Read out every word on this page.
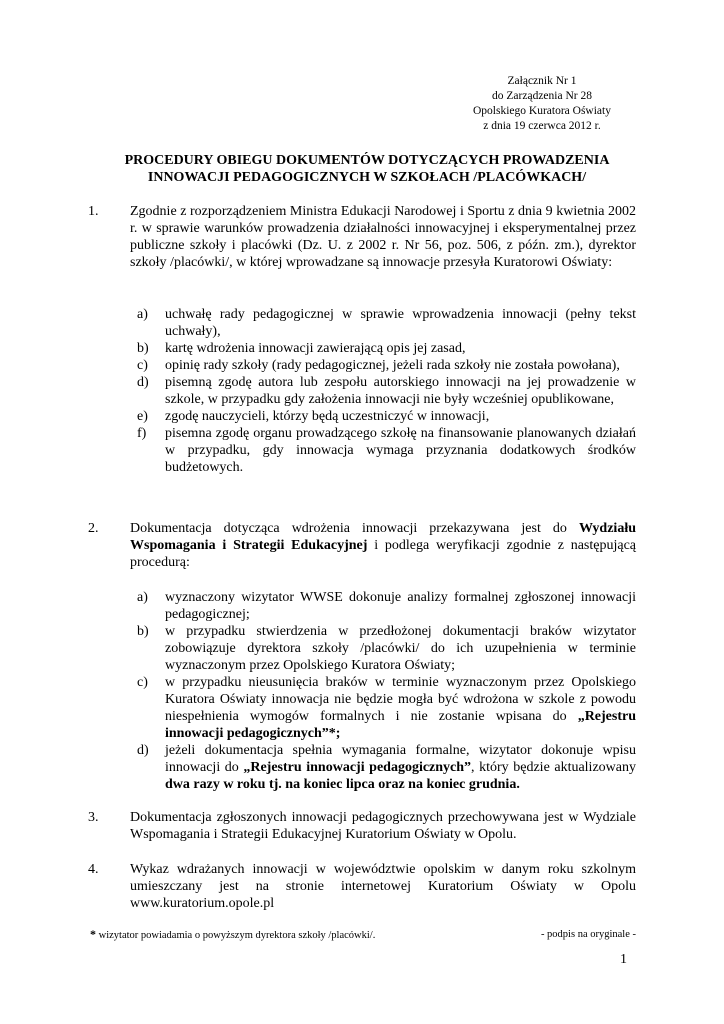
Załącznik Nr 1
do Zarządzenia Nr 28
Opolskiego Kuratora Oświaty
z dnia 19 czerwca 2012 r.
PROCEDURY OBIEGU DOKUMENTÓW DOTYCZĄCYCH PROWADZENIA
INNOWACJI PEDAGOGICZNYCH W SZKOŁACH /PLACÓWKACH/
1. Zgodnie z rozporządzeniem Ministra Edukacji Narodowej i Sportu z dnia 9 kwietnia 2002 r. w sprawie warunków prowadzenia działalności innowacyjnej i eksperymentalnej przez publiczne szkoły i placówki (Dz. U. z 2002 r. Nr 56, poz. 506, z późn. zm.), dyrektor szkoły /placówki/, w której wprowadzane są innowacje przesyła Kuratorowi Oświaty:
a) uchwałę rady pedagogicznej w sprawie wprowadzenia innowacji (pełny tekst uchwały),
b) kartę wdrożenia innowacji zawierającą opis jej zasad,
c) opinię rady szkoły (rady pedagogicznej, jeżeli rada szkoły nie została powołana),
d) pisemną zgodę autora lub zespołu autorskiego innowacji na jej prowadzenie w szkole, w przypadku gdy założenia innowacji nie były wcześniej opublikowane,
e) zgodę nauczycieli, którzy będą uczestniczyć w innowacji,
f) pisemna zgodę organu prowadzącego szkołę na finansowanie planowanych działań w przypadku, gdy innowacja wymaga przyznania dodatkowych środków budżetowych.
2. Dokumentacja dotycząca wdrożenia innowacji przekazywana jest do Wydziału Wspomagania i Strategii Edukacyjnej i podlega weryfikacji zgodnie z następującą procedurą:
a) wyznaczony wizytator WWSE dokonuje analizy formalnej zgłoszonej innowacji pedagogicznej;
b) w przypadku stwierdzenia w przedłożonej dokumentacji braków wizytator zobowiązuje dyrektora szkoły /placówki/ do ich uzupełnienia w terminie wyznaczonym przez Opolskiego Kuratora Oświaty;
c) w przypadku nieusunięcia braków w terminie wyznaczonym przez Opolskiego Kuratora Oświaty innowacja nie będzie mogła być wdrożona w szkole z powodu niespełnienia wymogów formalnych i nie zostanie wpisana do „Rejestru innowacji pedagogicznych”*;
d) jeżeli dokumentacja spełnia wymagania formalne, wizytator dokonuje wpisu innowacji do „Rejestru innowacji pedagogicznych”, który będzie aktualizowany dwa razy w roku tj. na koniec lipca oraz na koniec grudnia.
3. Dokumentacja zgłoszonych innowacji pedagogicznych przechowywana jest w Wydziale Wspomagania i Strategii Edukacyjnej Kuratorium Oświaty w Opolu.
4. Wykaz wdrażanych innowacji w województwie opolskim w danym roku szkolnym umieszczany jest na stronie internetowej Kuratorium Oświaty w Opolu www.kuratorium.opole.pl
* wizytator powiadamia o powyższym dyrektora szkoły /placówki/.	- podpis na oryginale -
1
